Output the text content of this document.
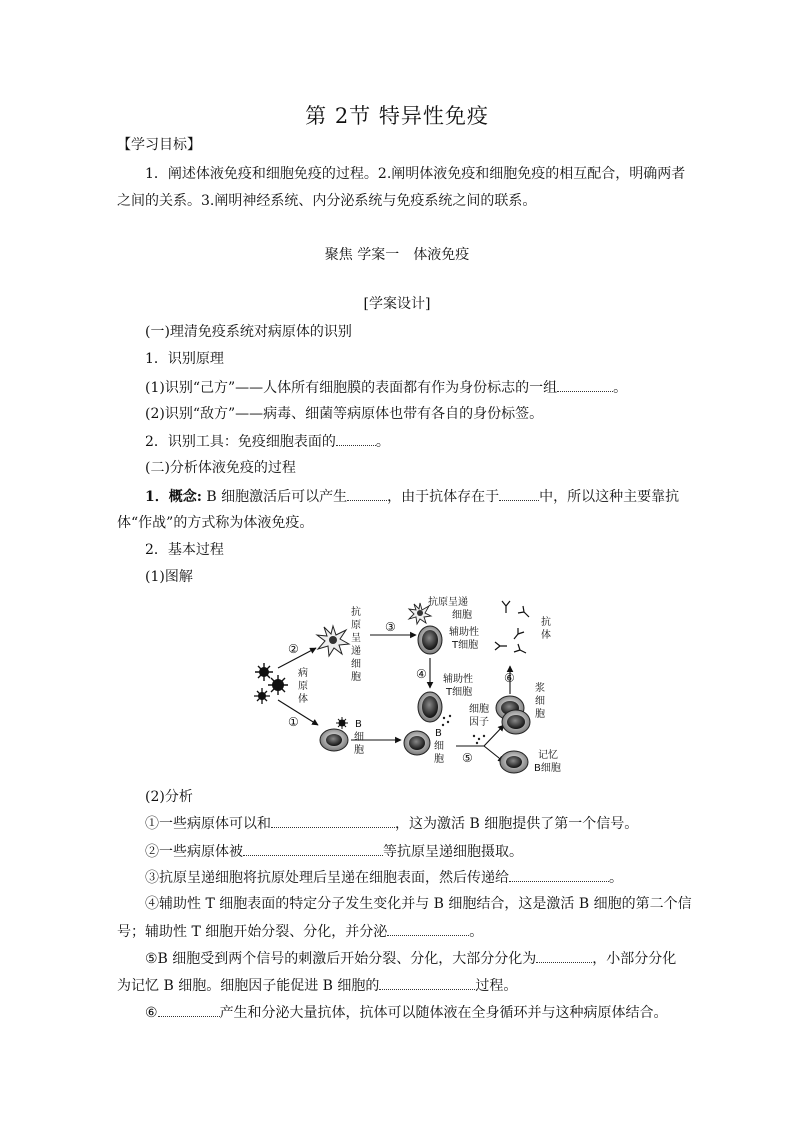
第 2节 特异性免疫
【学习目标】
1．阐述体液免疫和细胞免疫的过程。2.阐明体液免疫和细胞免疫的相互配合，明确两者
之间的关系。3.阐明神经系统、内分泌系统与免疫系统之间的联系。
聚焦 学案一　体液免疫
[学案设计]
(一)理清免疫系统对病原体的识别
1．识别原理
(1)识别“己方”——人体所有细胞膜的表面都有作为身份标志的一组	。
(2)识别“敌方”——病毒、细菌等病原体也带有各自的身份标签。
2．识别工具：免疫细胞表面的	。
(二)分析体液免疫的过程
1．概念: B 细胞激活后可以产生	，由于抗体存在于	中，所以这种主要靠抗
体“作战”的方式称为体液免疫。
2．基本过程
(1)图解
病
原
体
抗
原
呈
递
细
胞
②
①	B
细
胞
③
抗原呈递
细胞
辅助性
T细胞
④ 辅助性
T细胞
细胞
因子
B
细
胞 ⑤
浆
细
胞
记忆
B细胞
⑥
抗
体
(2)分析
①一些病原体可以和	，这为激活 B 细胞提供了第一个信号。
②一些病原体被	等抗原呈递细胞摄取。
③抗原呈递细胞将抗原处理后呈递在细胞表面，然后传递给	。
④辅助性 T 细胞表面的特定分子发生变化并与 B 细胞结合，这是激活 B 细胞的第二个信
号；辅助性 T 细胞开始分裂、分化，并分泌	。
⑤B 细胞受到两个信号的刺激后开始分裂、分化，大部分分化为	，小部分分化
为记忆 B 细胞。细胞因子能促进 B 细胞的	过程。
⑥	产生和分泌大量抗体，抗体可以随体液在全身循环并与这种病原体结合。
